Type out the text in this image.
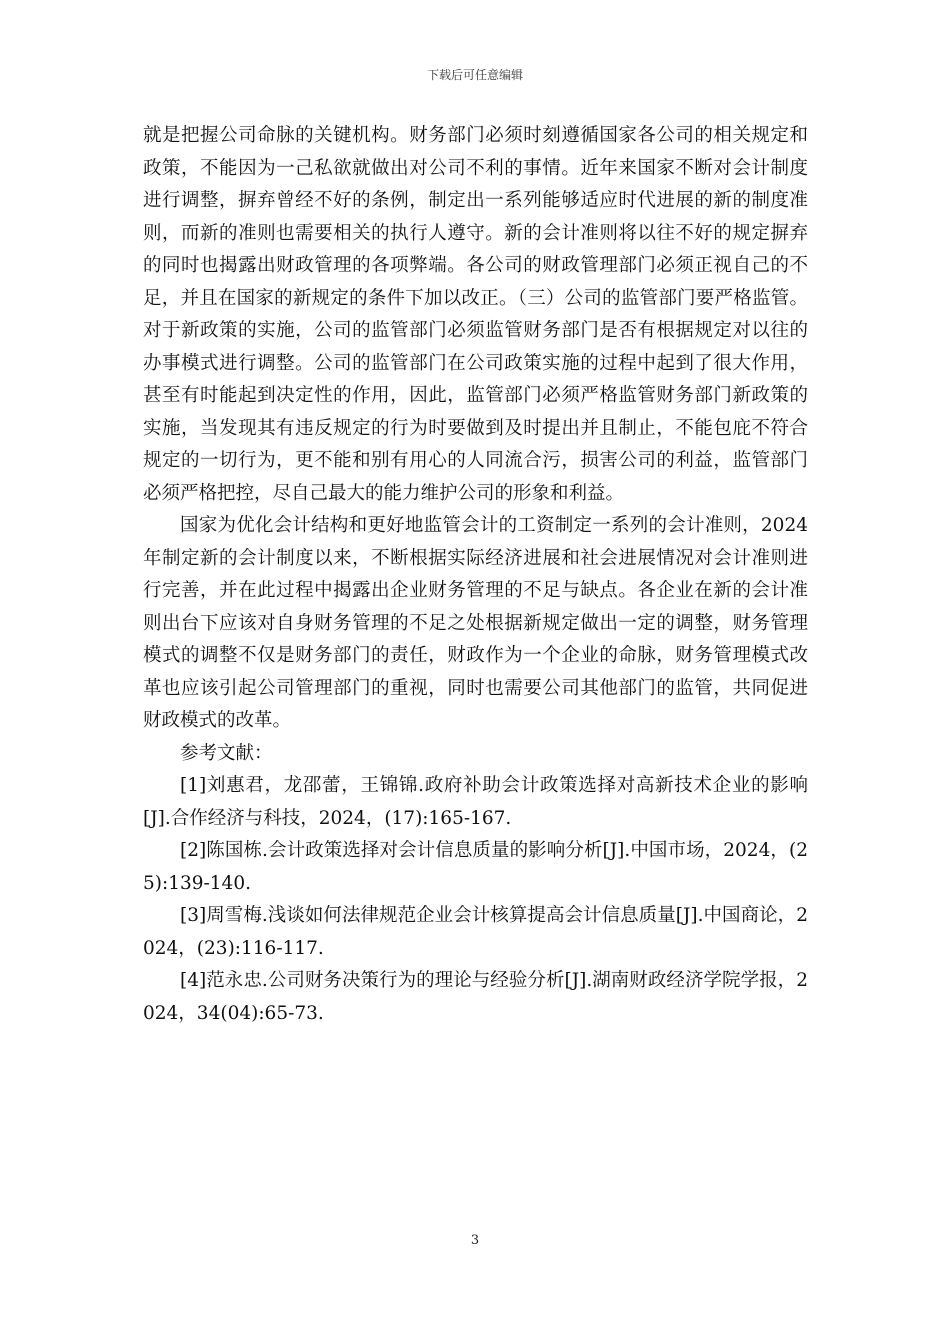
下载后可任意编辑

就是把握公司命脉的关键机构。财务部门必须时刻遵循国家各公司的相关规定和政策，不能因为一己私欲就做出对公司不利的事情。近年来国家不断对会计制度进行调整，摒弃曾经不好的条例，制定出一系列能够适应时代进展的新的制度准则，而新的准则也需要相关的执行人遵守。新的会计准则将以往不好的规定摒弃的同时也揭露出财政管理的各项弊端。各公司的财政管理部门必须正视自己的不足，并且在国家的新规定的条件下加以改正。（三）公司的监管部门要严格监管。对于新政策的实施，公司的监管部门必须监管财务部门是否有根据规定对以往的办事模式进行调整。公司的监管部门在公司政策实施的过程中起到了很大作用，甚至有时能起到决定性的作用，因此，监管部门必须严格监管财务部门新政策的实施，当发现其有违反规定的行为时要做到及时提出并且制止，不能包庇不符合规定的一切行为，更不能和别有用心的人同流合污，损害公司的利益，监管部门必须严格把控，尽自己最大的能力维护公司的形象和利益。

国家为优化会计结构和更好地监管会计的工资制定一系列的会计准则，2024年制定新的会计制度以来，不断根据实际经济进展和社会进展情况对会计准则进行完善，并在此过程中揭露出企业财务管理的不足与缺点。各企业在新的会计准则出台下应该对自身财务管理的不足之处根据新规定做出一定的调整，财务管理模式的调整不仅是财务部门的责任，财政作为一个企业的命脉，财务管理模式改革也应该引起公司管理部门的重视，同时也需要公司其他部门的监管，共同促进财政模式的改革。

参考文献：

[1]刘惠君，龙邵蕾，王锦锦.政府补助会计政策选择对高新技术企业的影响[J].合作经济与科技，2024，(17):165-167.

[2]陈国栋.会计政策选择对会计信息质量的影响分析[J].中国市场，2024，(25):139-140.

[3]周雪梅.浅谈如何法律规范企业会计核算提高会计信息质量[J].中国商论，2024，(23):116-117.

[4]范永忠.公司财务决策行为的理论与经验分析[J].湖南财政经济学院学报，2024，34(04):65-73.

3
